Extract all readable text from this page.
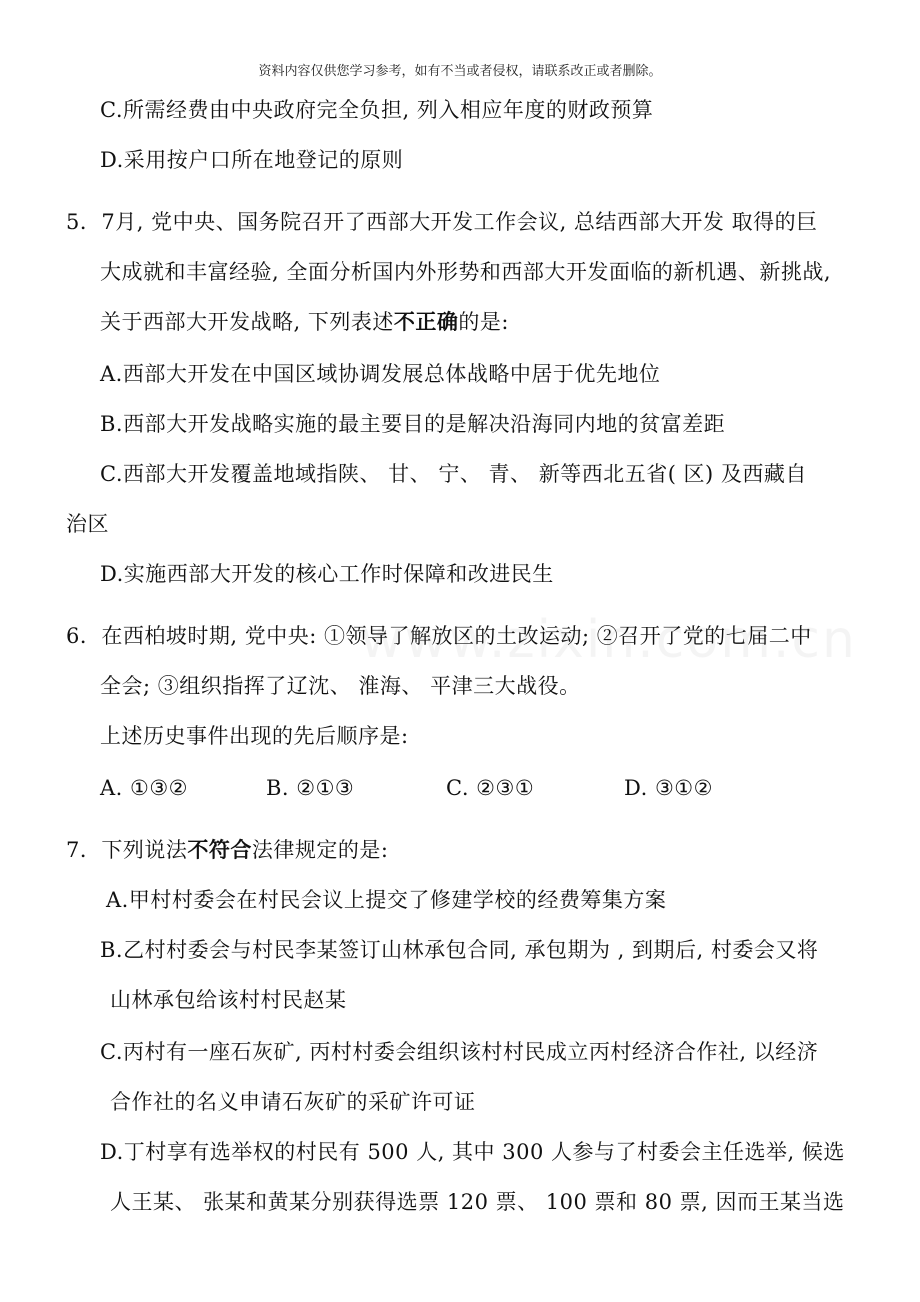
资料内容仅供您学习参考，如有不当或者侵权，请联系改正或者删除。
C.所需经费由中央政府完全负担, 列入相应年度的财政预算
D.采用按户口所在地登记的原则
5．7月, 党中央、国务院召开了西部大开发工作会议, 总结西部大开发 取得的巨
大成就和丰富经验, 全面分析国内外形势和西部大开发面临的新机遇、新挑战,
关于西部大开发战略, 下列表述不正确的是:
A.西部大开发在中国区域协调发展总体战略中居于优先地位
B.西部大开发战略实施的最主要目的是解决沿海同内地的贫富差距
C.西部大开发覆盖地域指陕、 甘、 宁、 青、 新等西北五省( 区) 及西藏自
治区
D.实施西部大开发的核心工作时保障和改进民生
6．在西柏坡时期, 党中央: ①领导了解放区的土改运动; ②召开了党的七届二中
全会; ③组织指挥了辽沈、 淮海、 平津三大战役。
上述历史事件出现的先后顺序是:
A. ①③②	B. ②①③	C. ②③①	D. ③①②
7．下列说法不符合法律规定的是:
A.甲村村委会在村民会议上提交了修建学校的经费筹集方案
B.乙村村委会与村民李某签订山林承包合同, 承包期为 , 到期后, 村委会又将
山林承包给该村村民赵某
C.丙村有一座石灰矿, 丙村村委会组织该村村民成立丙村经济合作社, 以经济
合作社的名义申请石灰矿的采矿许可证
D.丁村享有选举权的村民有 500 人, 其中 300 人参与了村委会主任选举, 候选
人王某、 张某和黄某分别获得选票 120 票、 100 票和 80 票, 因而王某当选
